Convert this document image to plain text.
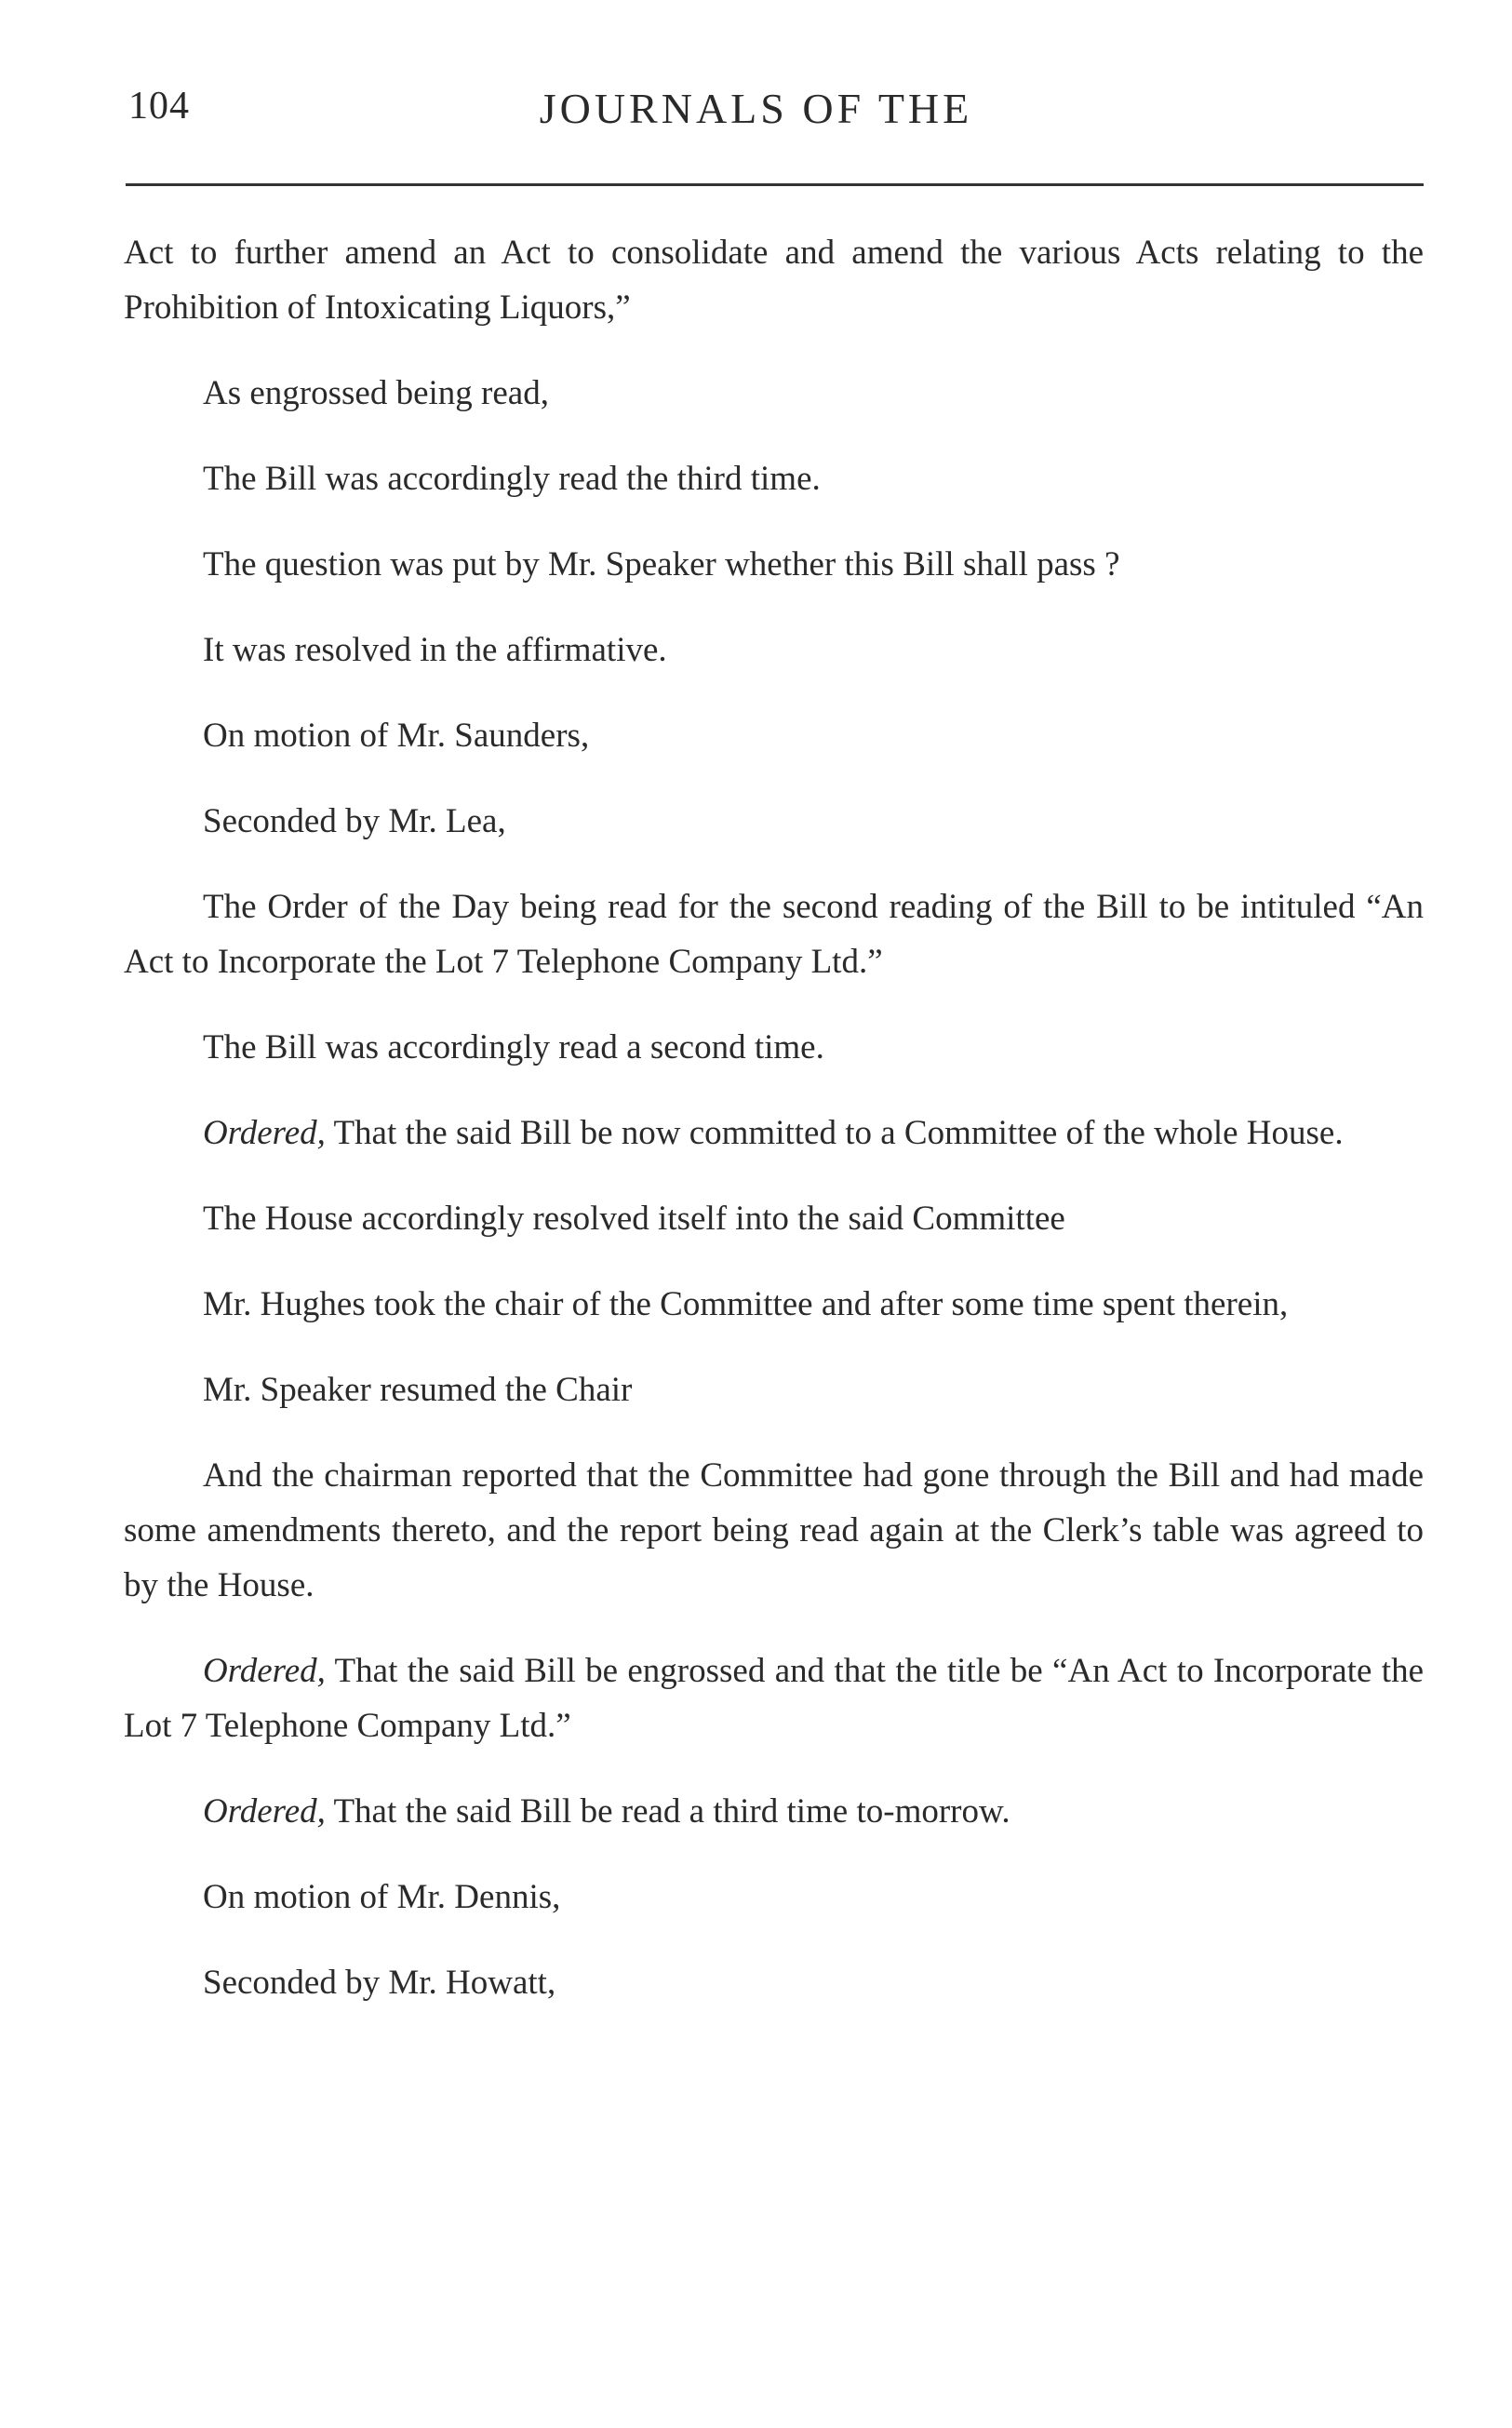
104	JOURNALS OF THE

Act to further amend an Act to consolidate and amend the various Acts relating to the Prohibition of Intoxicating Liquors,”

As engrossed being read,

The Bill was accordingly read the third time.

The question was put by Mr. Speaker whether this Bill shall pass ?

It was resolved in the affirmative.

On motion of Mr. Saunders,

Seconded by Mr. Lea,

The Order of the Day being read for the second reading of the Bill to be intituled “An Act to Incorporate the Lot 7 Telephone Company Ltd.”

The Bill was accordingly read a second time.

Ordered, That the said Bill be now committed to a Committee of the whole House.

The House accordingly resolved itself into the said Committee

Mr. Hughes took the chair of the Committee and after some time spent therein,

Mr. Speaker resumed the Chair

And the chairman reported that the Committee had gone through the Bill and had made some amendments thereto, and the report being read again at the Clerk’s table was agreed to by the House.

Ordered, That the said Bill be engrossed and that the title be “An Act to Incorporate the Lot 7 Telephone Company Ltd.”

Ordered, That the said Bill be read a third time to-morrow.

On motion of Mr. Dennis,

Seconded by Mr. Howatt,
